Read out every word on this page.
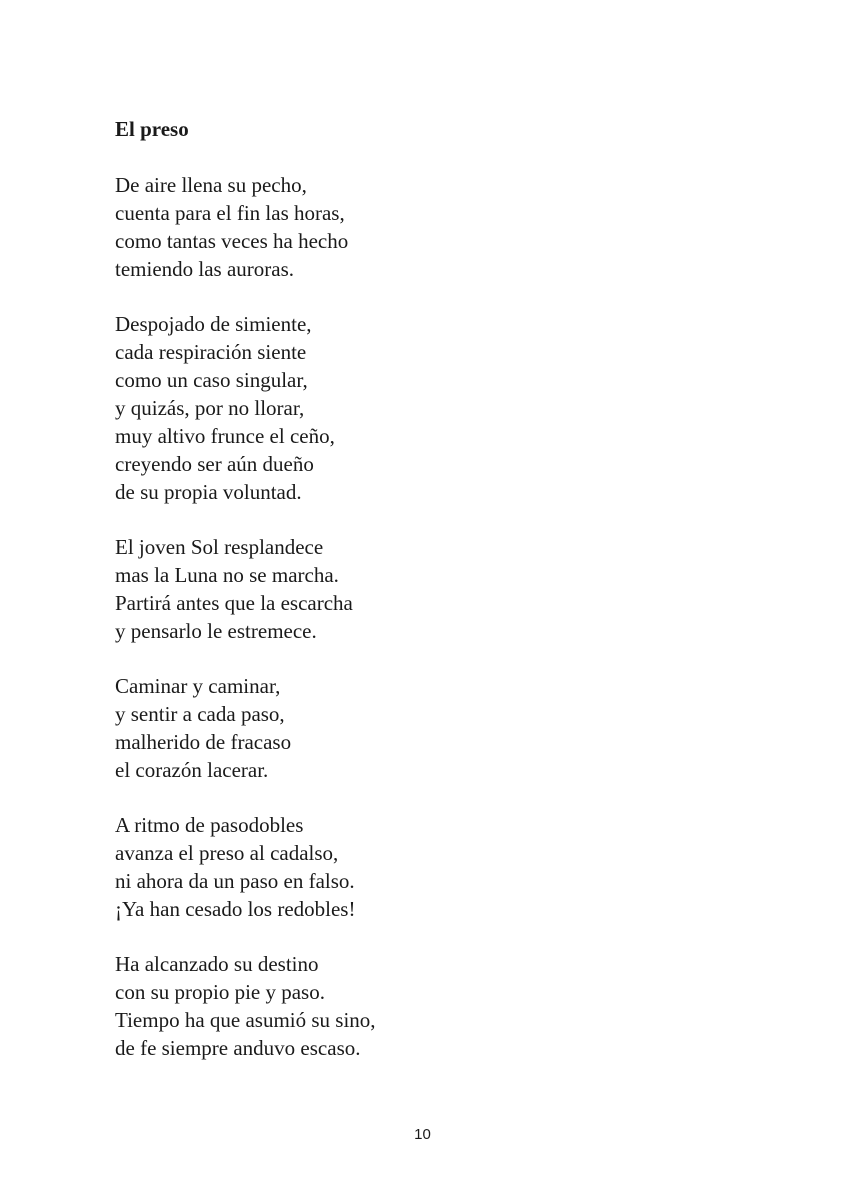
El preso
De aire llena su pecho,
cuenta para el fin las horas,
como tantas veces ha hecho
temiendo las auroras.
Despojado de simiente,
cada respiración siente
como un caso singular,
y quizás, por no llorar,
muy altivo frunce el ceño,
creyendo ser aún dueño
de su propia voluntad.
El joven Sol resplandece
mas la Luna no se marcha.
Partirá antes que la escarcha
y pensarlo le estremece.
Caminar y caminar,
y sentir a cada paso,
malherido de fracaso
el corazón lacerar.
A ritmo de pasodobles
avanza el preso al cadalso,
ni ahora da un paso en falso.
¡Ya han cesado los redobles!
Ha alcanzado su destino
con su propio pie y paso.
Tiempo ha que asumió su sino,
de fe siempre anduvo escaso.
10
